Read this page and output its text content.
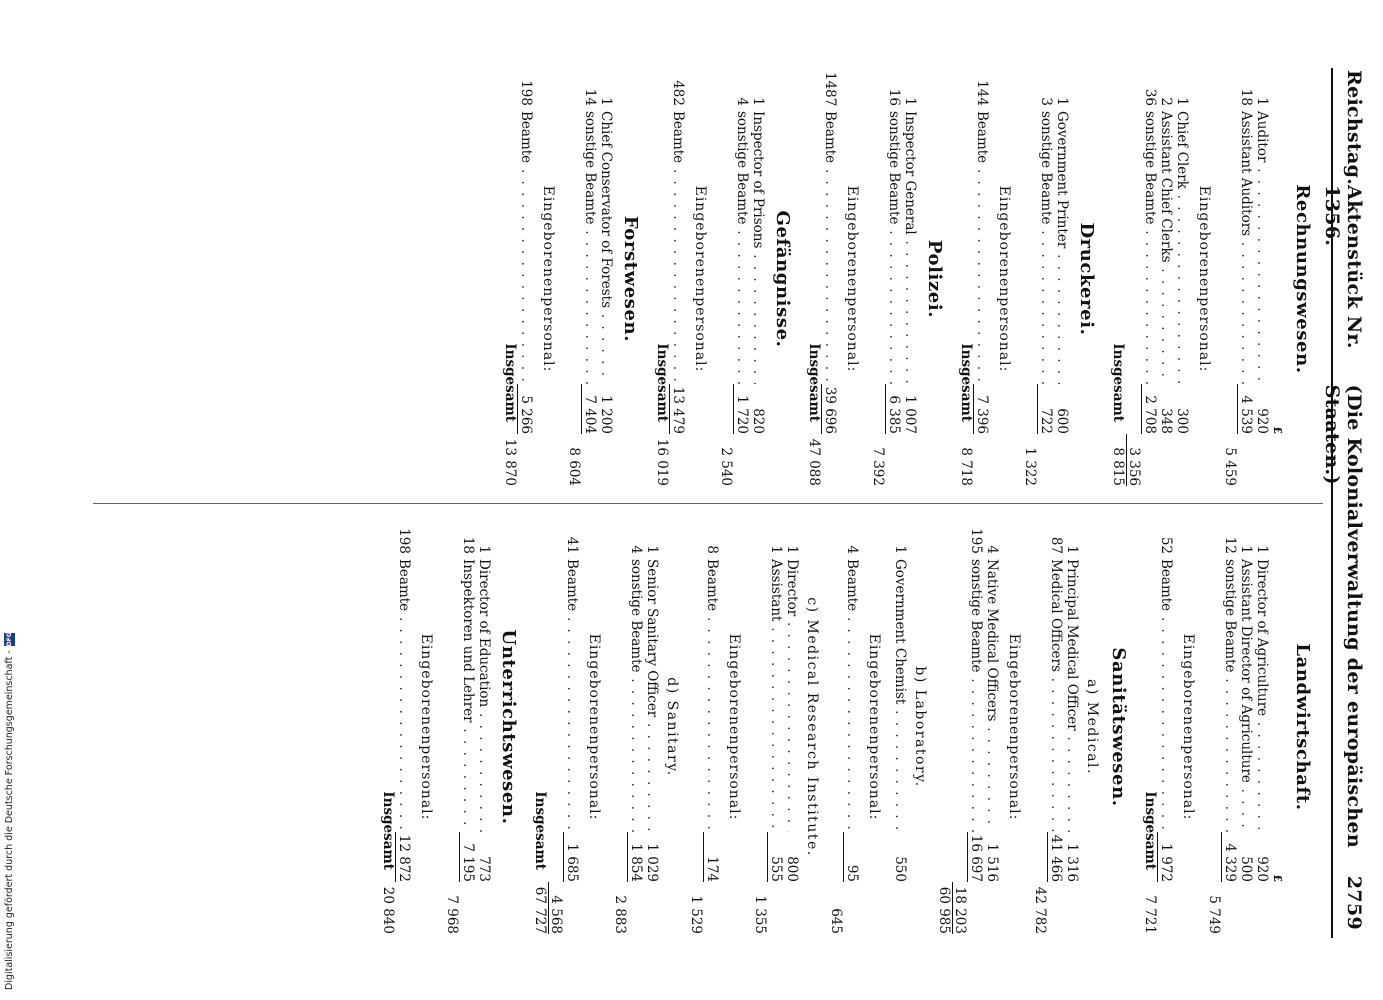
Reichstag.
Aktenstück Nr. 1356.
(Die Kolonialverwaltung der europäischen Staaten.)
2759
Rechnungswesen.
£
1
Auditor . . .
920
18
Assistant Auditors . . .
4 539
5 459
Eingeborenenpersonal:
1
Chief Clerk . . .
300
2
Assistant Chief Clerks . . .
348
36
sonstige Beamte . . .
2 708
3 356
Insgesamt
8 815
Druckerei.
1
Government Printer . . .
600
3
sonstige Beamte . . .
722
1 322
Eingeborenenpersonal:
144
Beamte . . .
7 396
Insgesamt
8 718
Polizei.
1
Inspector General . . .
1 007
16
sonstige Beamte . . .
6 385
7 392
Eingeborenenpersonal:
1487
Beamte . . .
39 696
Insgesamt
47 088
Gefängnisse.
1
Inspector of Prisons . . .
820
4
sonstige Beamte . . .
1 720
2 540
Eingeborenenpersonal:
482
Beamte . . .
13 479
Insgesamt
16 019
Forstwesen.
1
Chief Conservator of Forests . . .
1 200
14
sonstige Beamte . . .
7 404
8 604
Eingeborenenpersonal:
198
Beamte . . .
5 266
Insgesamt
13 870
Landwirtschaft.
£
1
Director of Agriculture . . .
920
1
Assistant Director of Agriculture . . .
500
12
sonstige Beamte . . .
4 329
5 749
Eingeborenenpersonal:
52
Beamte . . .
1 972
Insgesamt
7 721
Sanitätswesen.
a) Medical.
1
Principal Medical Officer . . .
1 316
87
Medical Officers . . .
41 466
42 782
Eingeborenenpersonal:
4
Native Medical Officers . . .
1 516
195
sonstige Beamte . . .
16 697
18 203
60 985
b) Laboratory.
1
Government Chemist . . .
550
Eingeborenenpersonal:
4
Beamte . . .
95
645
c) Medical Research Institute.
1
Director . . .
800
1
Assistant . . .
555
1 355
Eingeborenenpersonal:
8
Beamte . . .
174
1 529
d) Sanitary.
1
Senior Sanitary Officer . . .
1 029
4
sonstige Beamte . . .
1 854
2 883
Eingeborenenpersonal:
41
Beamte . . .
1 685
4 568
Insgesamt
67 727
Unterrichtswesen.
1
Director of Education . . .
773
18
Inspektoren und Lehrer . . .
7 195
7 968
Eingeborenenpersonal:
198
Beamte . . .
12 872
Insgesamt
20 840
Digitalisierung gefördert durch die Deutsche Forschungsgemeinschaft -
DFG
